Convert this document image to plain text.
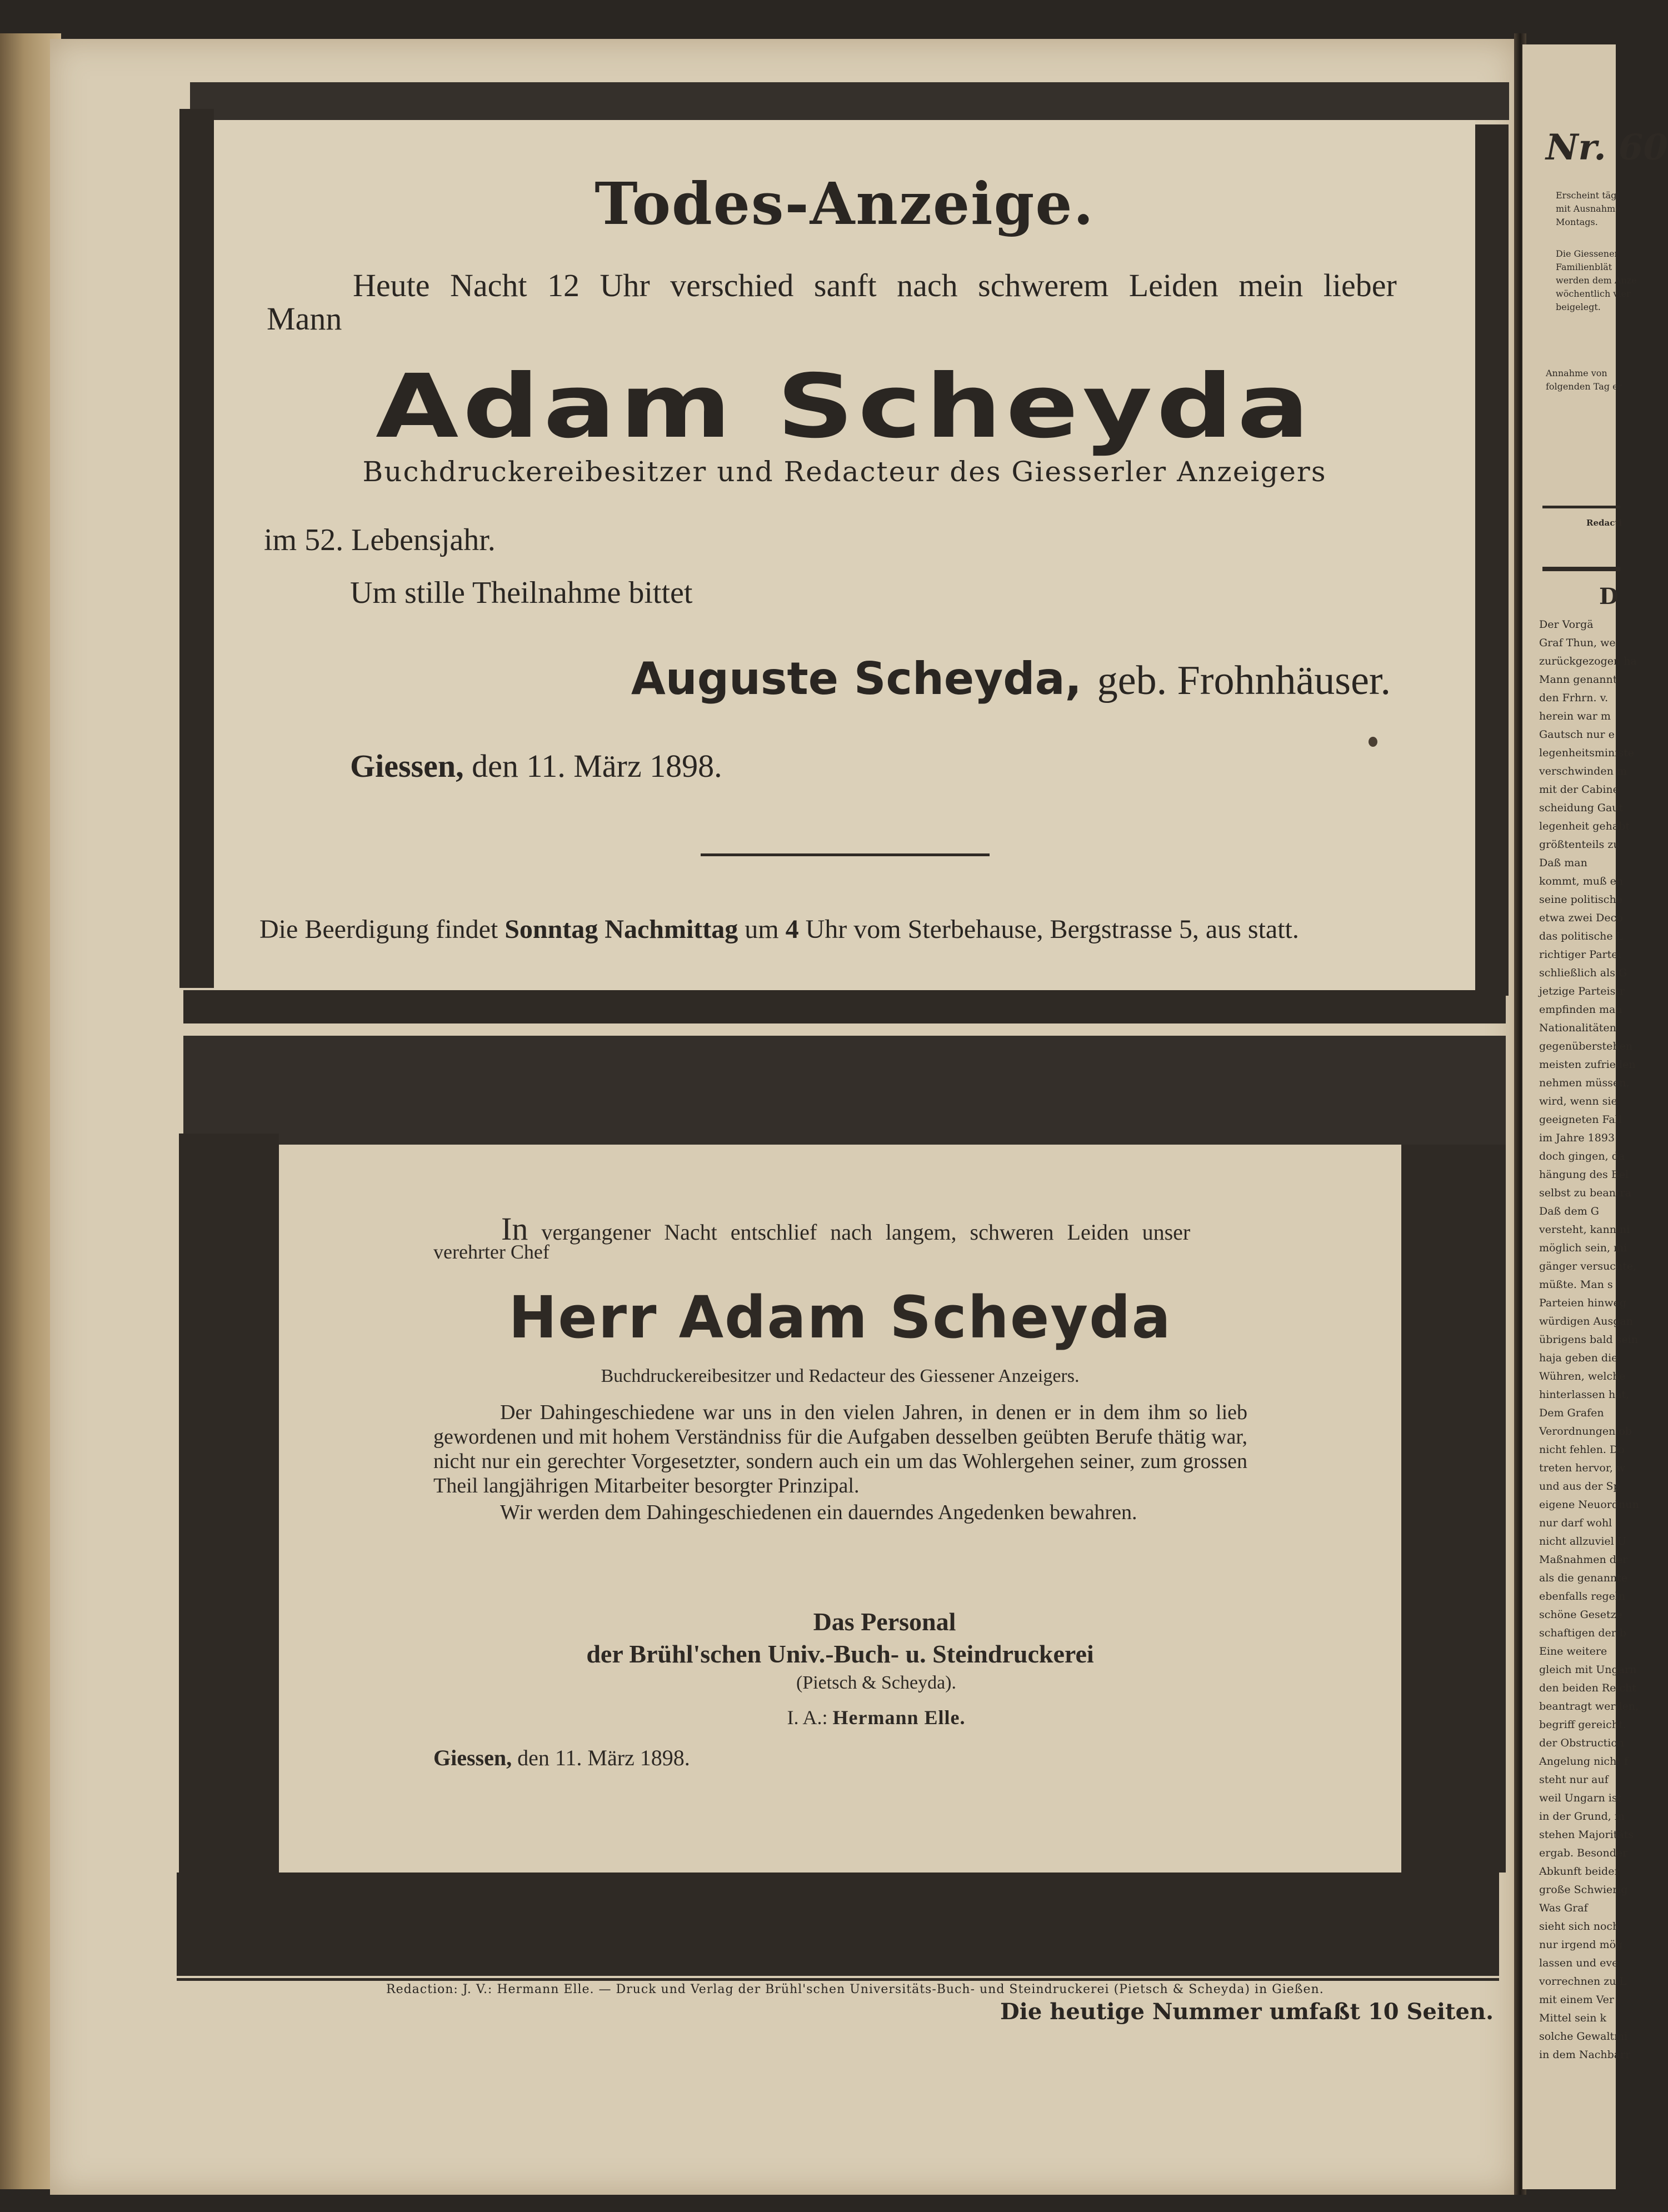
Nr. 60
Erscheint tägl
mit Ausnahme
Montags.
Die Giessener
Familienblät
werden dem Anze
wöchentlich vier
beigelegt.
Annahme von
folgenden Tag er
Redacti
D
Der Vorgä
Graf Thun, we
zurückgezogen ha
Mann genannt
den Frhrn. v.
herein war m
Gautsch nur e
legenheitsministe
verschwinden m
mit der Cabine
scheidung Gaut
legenheit gehabt
größtenteils zu
Daß man
kommt, muß en
seine politische
etwa zwei Deco
das politische L
richtiger Partei
schließlich als G
jetzige Parteistr
empfinden man
Nationalitäten,
gegenüberstehen
meisten zufrieden
nehmen müssen,
wird, wenn sie
geeigneten Fall
im Jahre 1893
doch gingen, da
hängung des Bel
selbst zu beantra
Daß dem G
versteht, kann ni
möglich sein, mi
gänger versuchte,
müßte. Man s
Parteien hinweg
würdigen Ausgan
übrigens bald sein
haja geben die
Wühren, welche
hinterlassen hat,
Dem Grafen
Verordnungen ob
nicht fehlen. Do
treten hervor, w
und aus der Sp
eigene Neuordnun
nur darf wohl
nicht allzuviel U
Maßnahmen der
als die genannte
ebenfalls regeln
schöne Gesetze
schaftigen der b
Eine weitere
gleich mit Ungarn
den beiden Reicht
beantragt werden,
begriff gereicht.
der Obstruction
Angelung nicht f
steht nur auf
weil Ungarn ist
in der Grund, m
stehen Majoritäts
ergab. Besonder
Abkunft beider
große Schwierig
Was Graf
sieht sich noch
nur irgend mög
lassen und eve
vorrechnen zu L
mit einem Ver
Mittel sein k
solche Gewaltmi
in dem Nachbarr
Todes-Anzeige.
Heute Nacht 12 Uhr verschied sanft nach schwerem Leiden mein lieber
Mann
Adam Scheyda
Buchdruckereibesitzer und Redacteur des Giesserler Anzeigers
im 52. Lebensjahr.
Um stille Theilnahme bittet
Auguste Scheyda, geb. Frohnhäuser.
Giessen, den 11. März 1898.
Die Beerdigung findet Sonntag Nachmittag um 4 Uhr vom Sterbehause, Bergstrasse 5, aus statt.
In vergangener Nacht entschlief nach langem, schweren Leiden unser
verehrter Chef
Herr Adam Scheyda
Buchdruckereibesitzer und Redacteur des Giessener Anzeigers.

Der Dahingeschiedene war uns in den vielen Jahren, in denen er in dem ihm so lieb gewordenen und mit hohem Verständniss für die Aufgaben desselben geübten Berufe thätig war, nicht nur ein gerechter Vorgesetzter, sondern auch ein um das Wohlergehen seiner, zum grossen Theil langjährigen Mitarbeiter besorgter Prinzipal.

Wir werden dem Dahingeschiedenen ein dauerndes Angedenken bewahren.

Das Personal
der Brühl'schen Univ.-Buch- u. Steindruckerei
(Pietsch & Scheyda).
I. A.: Hermann Elle.
Giessen, den 11. März 1898.
Redaction: J. V.: Hermann Elle. — Druck und Verlag der Brühl'schen Universitäts-Buch- und Steindruckerei (Pietsch & Scheyda) in Gießen.
Die heutige Nummer umfaßt 10 Seiten.
